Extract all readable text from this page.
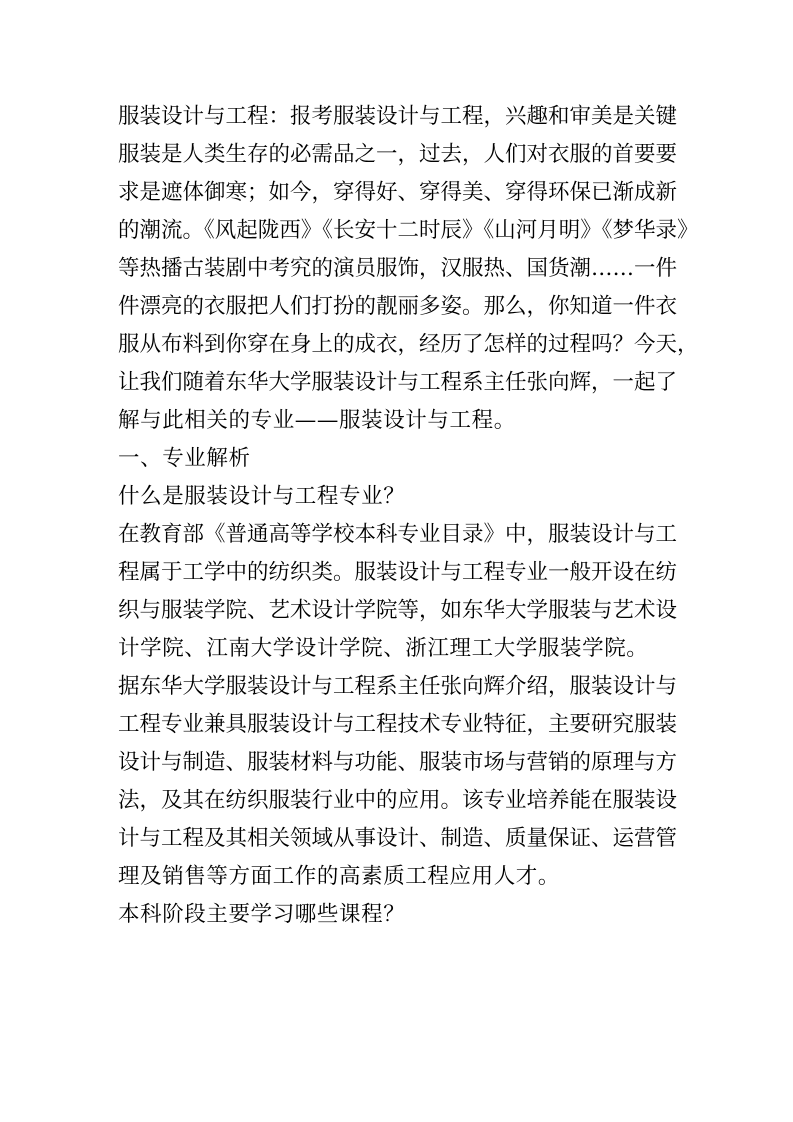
服装设计与工程：报考服装设计与工程，兴趣和审美是关键
服装是人类生存的必需品之一，过去，人们对衣服的首要要
求是遮体御寒；如今，穿得好、穿得美、穿得环保已渐成新
的潮流。《风起陇西》《长安十二时辰》《山河月明》《梦华录》
等热播古装剧中考究的演员服饰，汉服热、国货潮……一件
件漂亮的衣服把人们打扮的靓丽多姿。那么，你知道一件衣
服从布料到你穿在身上的成衣，经历了怎样的过程吗？今天，
让我们随着东华大学服装设计与工程系主任张向辉，一起了
解与此相关的专业——服装设计与工程。
一、专业解析
什么是服装设计与工程专业？
在教育部《普通高等学校本科专业目录》中，服装设计与工
程属于工学中的纺织类。服装设计与工程专业一般开设在纺
织与服装学院、艺术设计学院等，如东华大学服装与艺术设
计学院、江南大学设计学院、浙江理工大学服装学院。
据东华大学服装设计与工程系主任张向辉介绍，服装设计与
工程专业兼具服装设计与工程技术专业特征，主要研究服装
设计与制造、服装材料与功能、服装市场与营销的原理与方
法，及其在纺织服装行业中的应用。该专业培养能在服装设
计与工程及其相关领域从事设计、制造、质量保证、运营管
理及销售等方面工作的高素质工程应用人才。
本科阶段主要学习哪些课程？
